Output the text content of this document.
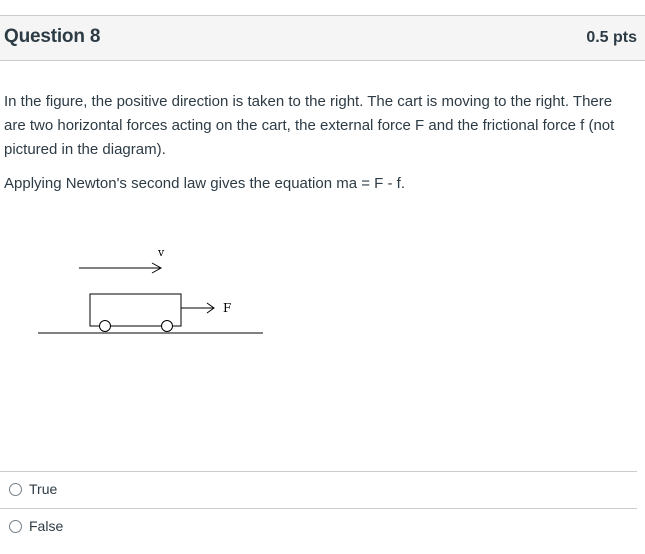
Question 8	0.5 pts

In the figure, the positive direction is taken to the right. The cart is moving to the right. There are two horizontal forces acting on the cart, the external force F and the frictional force f (not pictured in the diagram).

Applying Newton's second law gives the equation ma = F - f.

v
F
True
False
